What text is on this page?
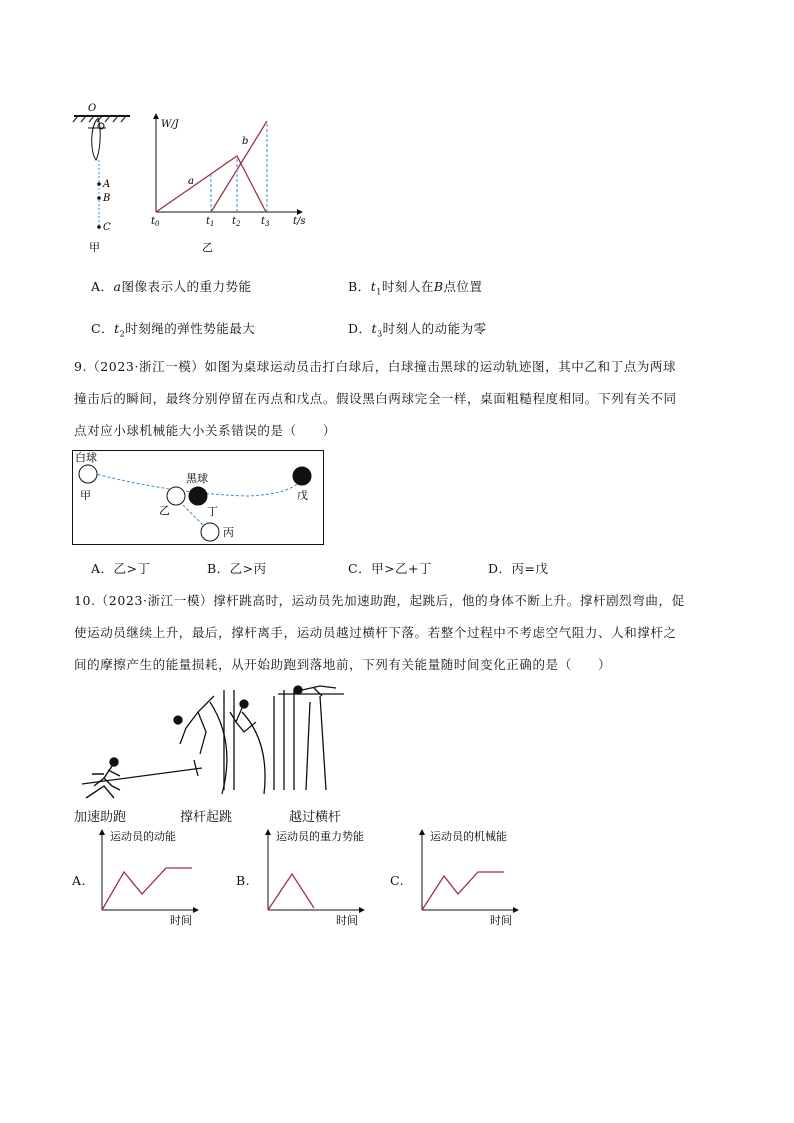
O
A
B
C
甲
W/J
t/s
a
b
$t_0$	$t_1$ $t_2$ $t_3$
乙
A．a图像表示人的重力势能	B．$t_1$时刻人在B点位置
C．$t_2$时刻绳的弹性势能最大	D．$t_3$时刻人的动能为零
9.（2023·浙江一模）如图为桌球运动员击打白球后，白球撞击黑球的运动轨迹图，其中乙和丁点为两球
撞击后的瞬间，最终分别停留在丙点和戊点。假设黑白两球完全一样，桌面粗糙程度相同。下列有关不同
点对应小球机械能大小关系错误的是（　　）
白球
甲
黑球
乙	丁
丙
戊
A．乙>丁	B．乙>丙	C．甲>乙+丁	D．丙=戊
10.（2023·浙江一模）撑杆跳高时，运动员先加速助跑，起跳后，他的身体不断上升。撑杆剧烈弯曲，促
使运动员继续上升，最后，撑杆离手，运动员越过横杆下落。若整个过程中不考虑空气阻力、人和撑杆之
间的摩擦产生的能量损耗，从开始助跑到落地前，下列有关能量随时间变化正确的是（　　）
加速助跑	撑杆起跳	越过横杆
A.
运动员的动能
时间
B.
运动员的重力势能
时间
C.
运动员的机械能
时间
